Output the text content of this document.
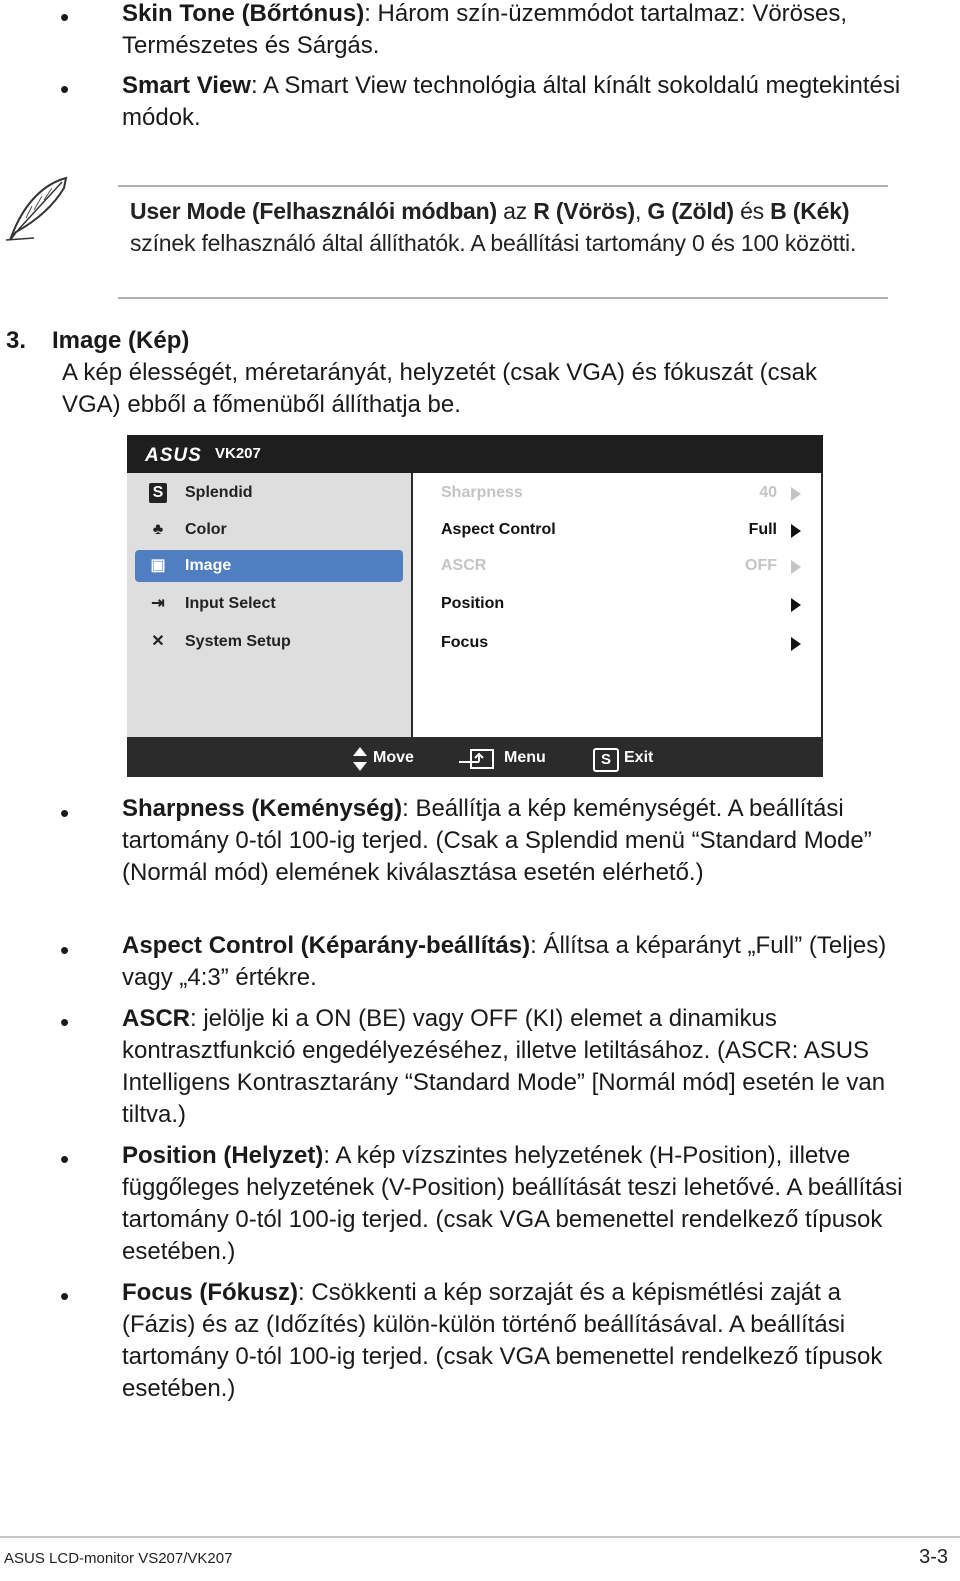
• Skin Tone (Bőrtónus): Három szín-üzemmódot tartalmaz: Vöröses, Természetes és Sárgás.
• Smart View: A Smart View technológia által kínált sokoldalú megtekintési módok.
User Mode (Felhasználói módban) az R (Vörös), G (Zöld) és B (Kék) színek felhasználó által állíthatók. A beállítási tartomány 0 és 100 közötti.
3. Image (Kép)
A kép élességét, méretarányát, helyzetét (csak VGA) és fókuszát (csak VGA) ebből a főmenüből állíthatja be.
ASUS VK207
S Splendid
♣	Color
▣ Image
⇥ Input Select
✕ System Setup
Sharpness	40
Aspect Control	Full
ASCR	OFF
Position
Focus
Move	Menu	S Exit
• Sharpness (Keménység): Beállítja a kép keménységét. A beállítási tartomány 0-tól 100-ig terjed. (Csak a Splendid menü “Standard Mode” (Normál mód) elemének kiválasztása esetén elérhető.)
• Aspect Control (Képarány-beállítás): Állítsa a képarányt „Full” (Teljes) vagy „4:3” értékre.
• ASCR: jelölje ki a ON (BE) vagy OFF (KI) elemet a dinamikus kontrasztfunkció engedélyezéséhez, illetve letiltásához. (ASCR: ASUS Intelligens Kontrasztarány “Standard Mode” [Normál mód] esetén le van tiltva.)
• Position (Helyzet): A kép vízszintes helyzetének (H-Position), illetve függőleges helyzetének (V-Position) beállítását teszi lehetővé. A beállítási tartomány 0-tól 100-ig terjed. (csak VGA bemenettel rendelkező típusok esetében.)
• Focus (Fókusz): Csökkenti a kép sorzaját és a képismétlési zaját a (Fázis) és az (Időzítés) külön-külön történő beállításával. A beállítási tartomány 0-tól 100-ig terjed. (csak VGA bemenettel rendelkező típusok esetében.)
ASUS LCD-monitor VS207/VK207	3-3
